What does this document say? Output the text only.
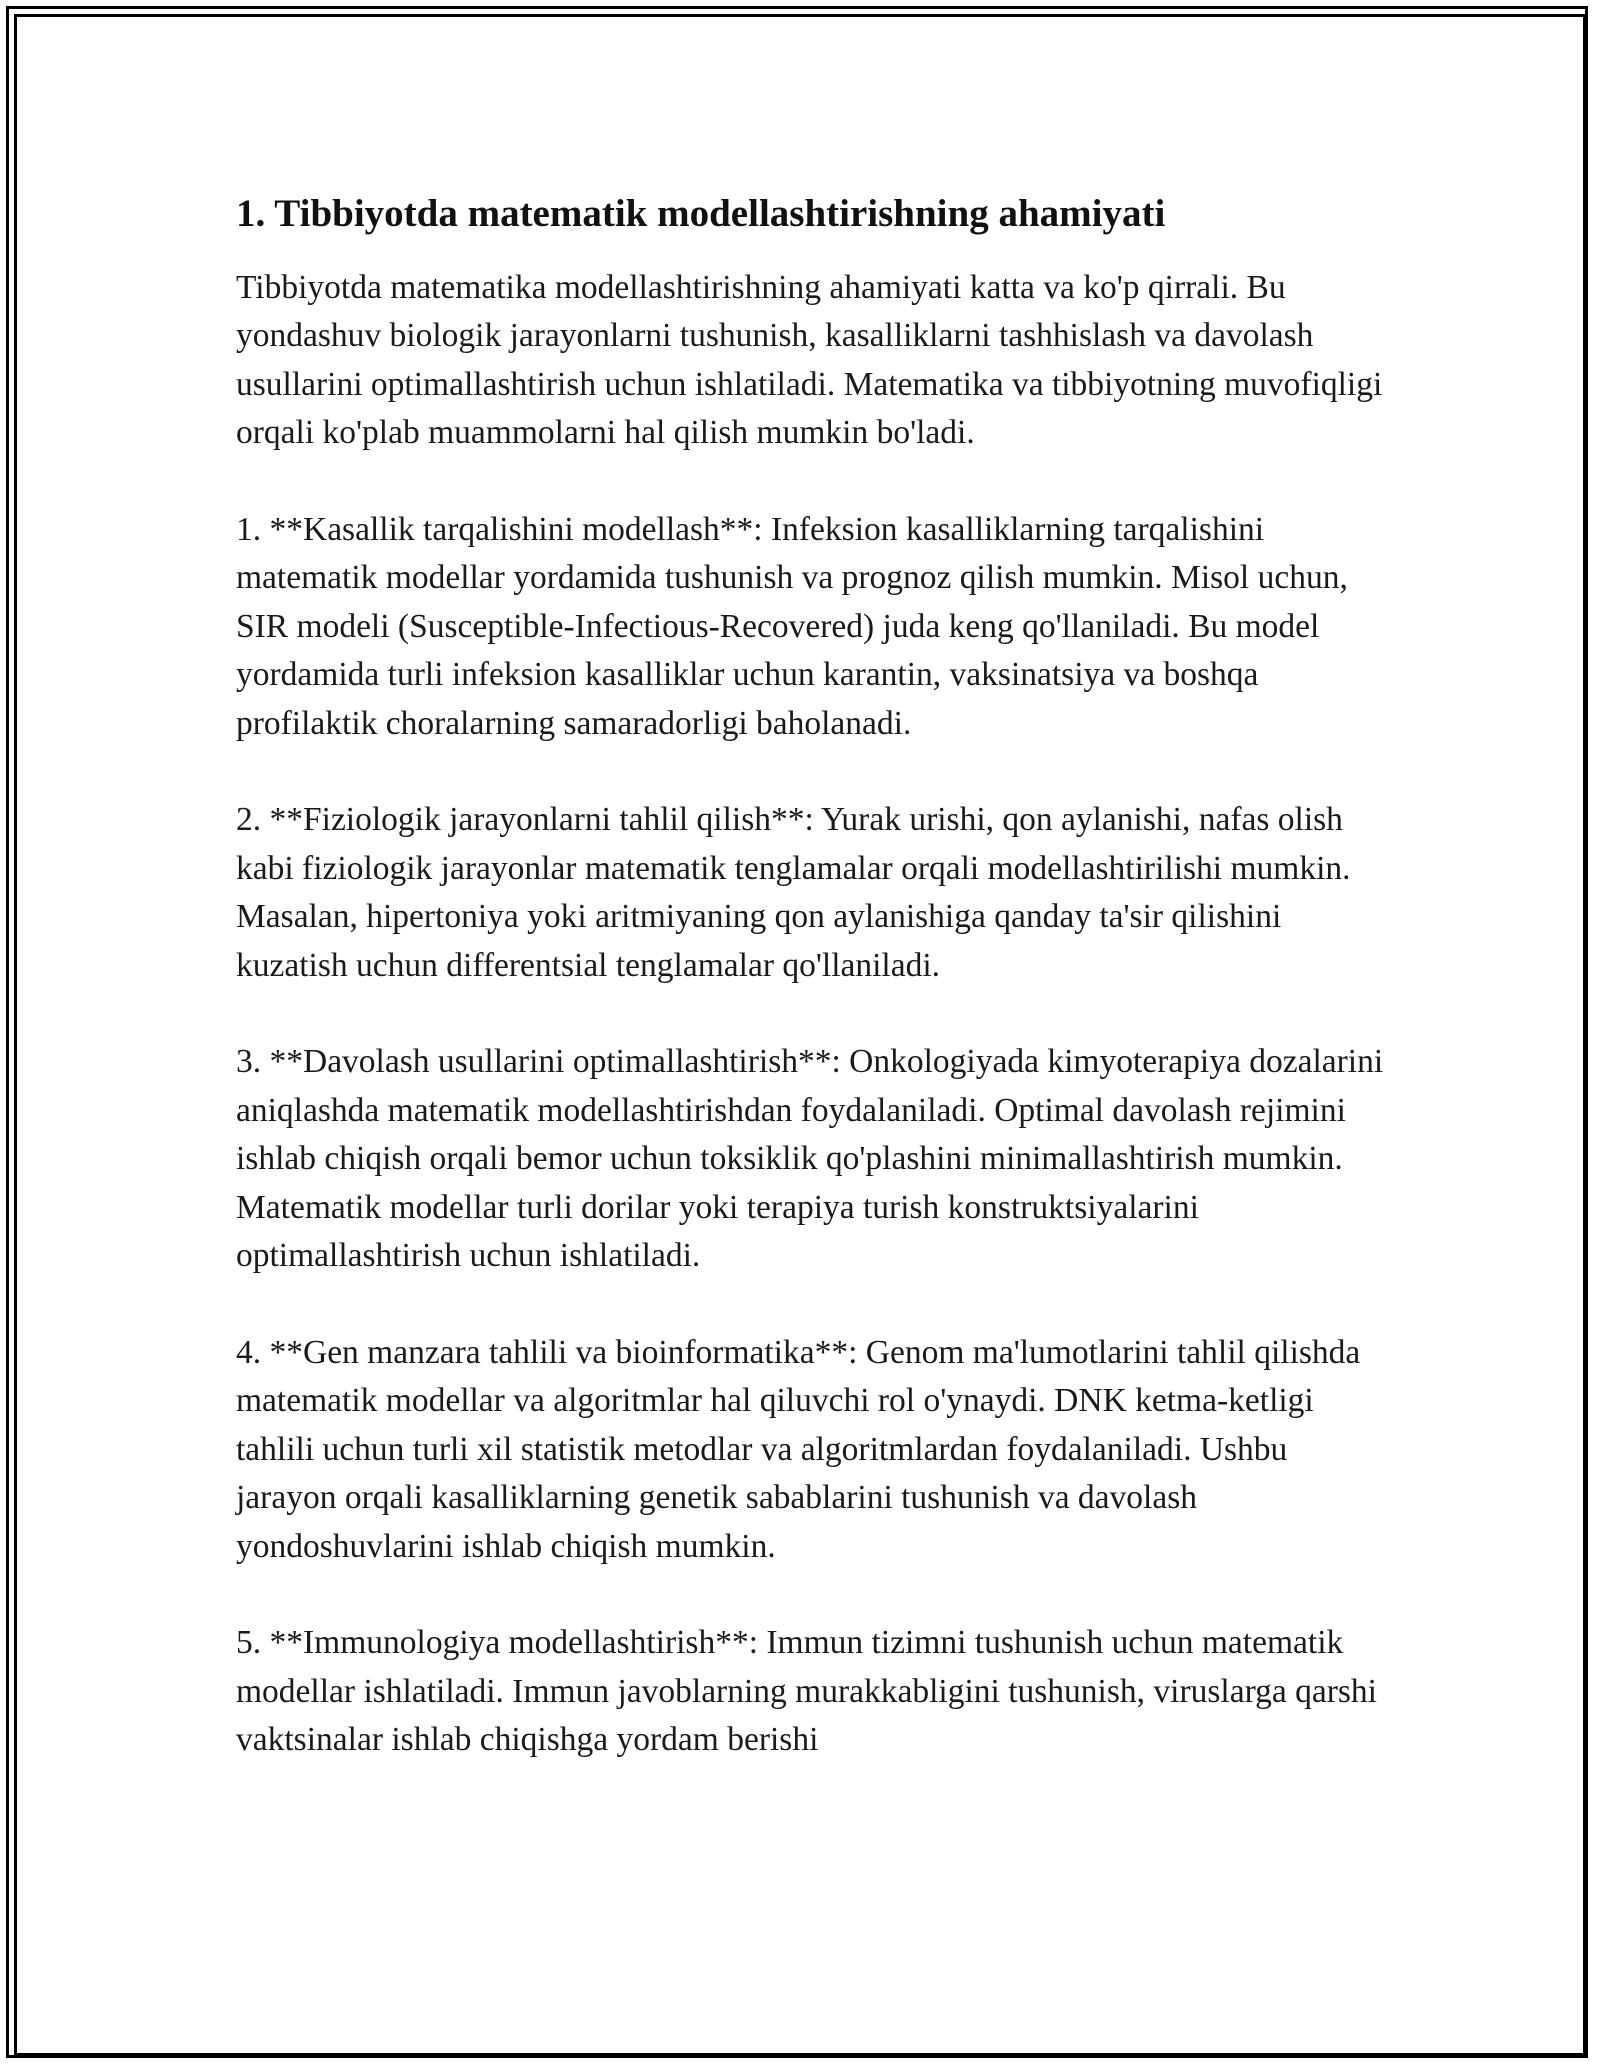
1. Tibbiyotda matematik modellashtirishning ahamiyati

Tibbiyotda matematika modellashtirishning ahamiyati katta va ko'p qirrali. Bu yondashuv biologik jarayonlarni tushunish, kasalliklarni tashhislash va davolash usullarini optimallashtirish uchun ishlatiladi. Matematika va tibbiyotning muvofiqligi orqali ko'plab muammolarni hal qilish mumkin bo'ladi.

1. **Kasallik tarqalishini modellash**: Infeksion kasalliklarning tarqalishini matematik modellar yordamida tushunish va prognoz qilish mumkin. Misol uchun, SIR modeli (Susceptible-Infectious-Recovered) juda keng qo'llaniladi. Bu model yordamida turli infeksion kasalliklar uchun karantin, vaksinatsiya va boshqa profilaktik choralarning samaradorligi baholanadi.

2. **Fiziologik jarayonlarni tahlil qilish**: Yurak urishi, qon aylanishi, nafas olish kabi fiziologik jarayonlar matematik tenglamalar orqali modellashtirilishi mumkin. Masalan, hipertoniya yoki aritmiyaning qon aylanishiga qanday ta'sir qilishini kuzatish uchun differentsial tenglamalar qo'llaniladi.

3. **Davolash usullarini optimallashtirish**: Onkologiyada kimyoterapiya dozalarini aniqlashda matematik modellashtirishdan foydalaniladi. Optimal davolash rejimini ishlab chiqish orqali bemor uchun toksiklik qo'plashini minimallashtirish mumkin. Matematik modellar turli dorilar yoki terapiya turish konstruktsiyalarini optimallashtirish uchun ishlatiladi.

4. **Gen manzara tahlili va bioinformatika**: Genom ma'lumotlarini tahlil qilishda matematik modellar va algoritmlar hal qiluvchi rol o'ynaydi. DNK ketma-ketligi tahlili uchun turli xil statistik metodlar va algoritmlardan foydalaniladi. Ushbu jarayon orqali kasalliklarning genetik sabablarini tushunish va davolash yondoshuvlarini ishlab chiqish mumkin.

5. **Immunologiya modellashtirish**: Immun tizimni tushunish uchun matematik modellar ishlatiladi. Immun javoblarning murakkabligini tushunish, viruslarga qarshi vaktsinalar ishlab chiqishga yordam berishi
